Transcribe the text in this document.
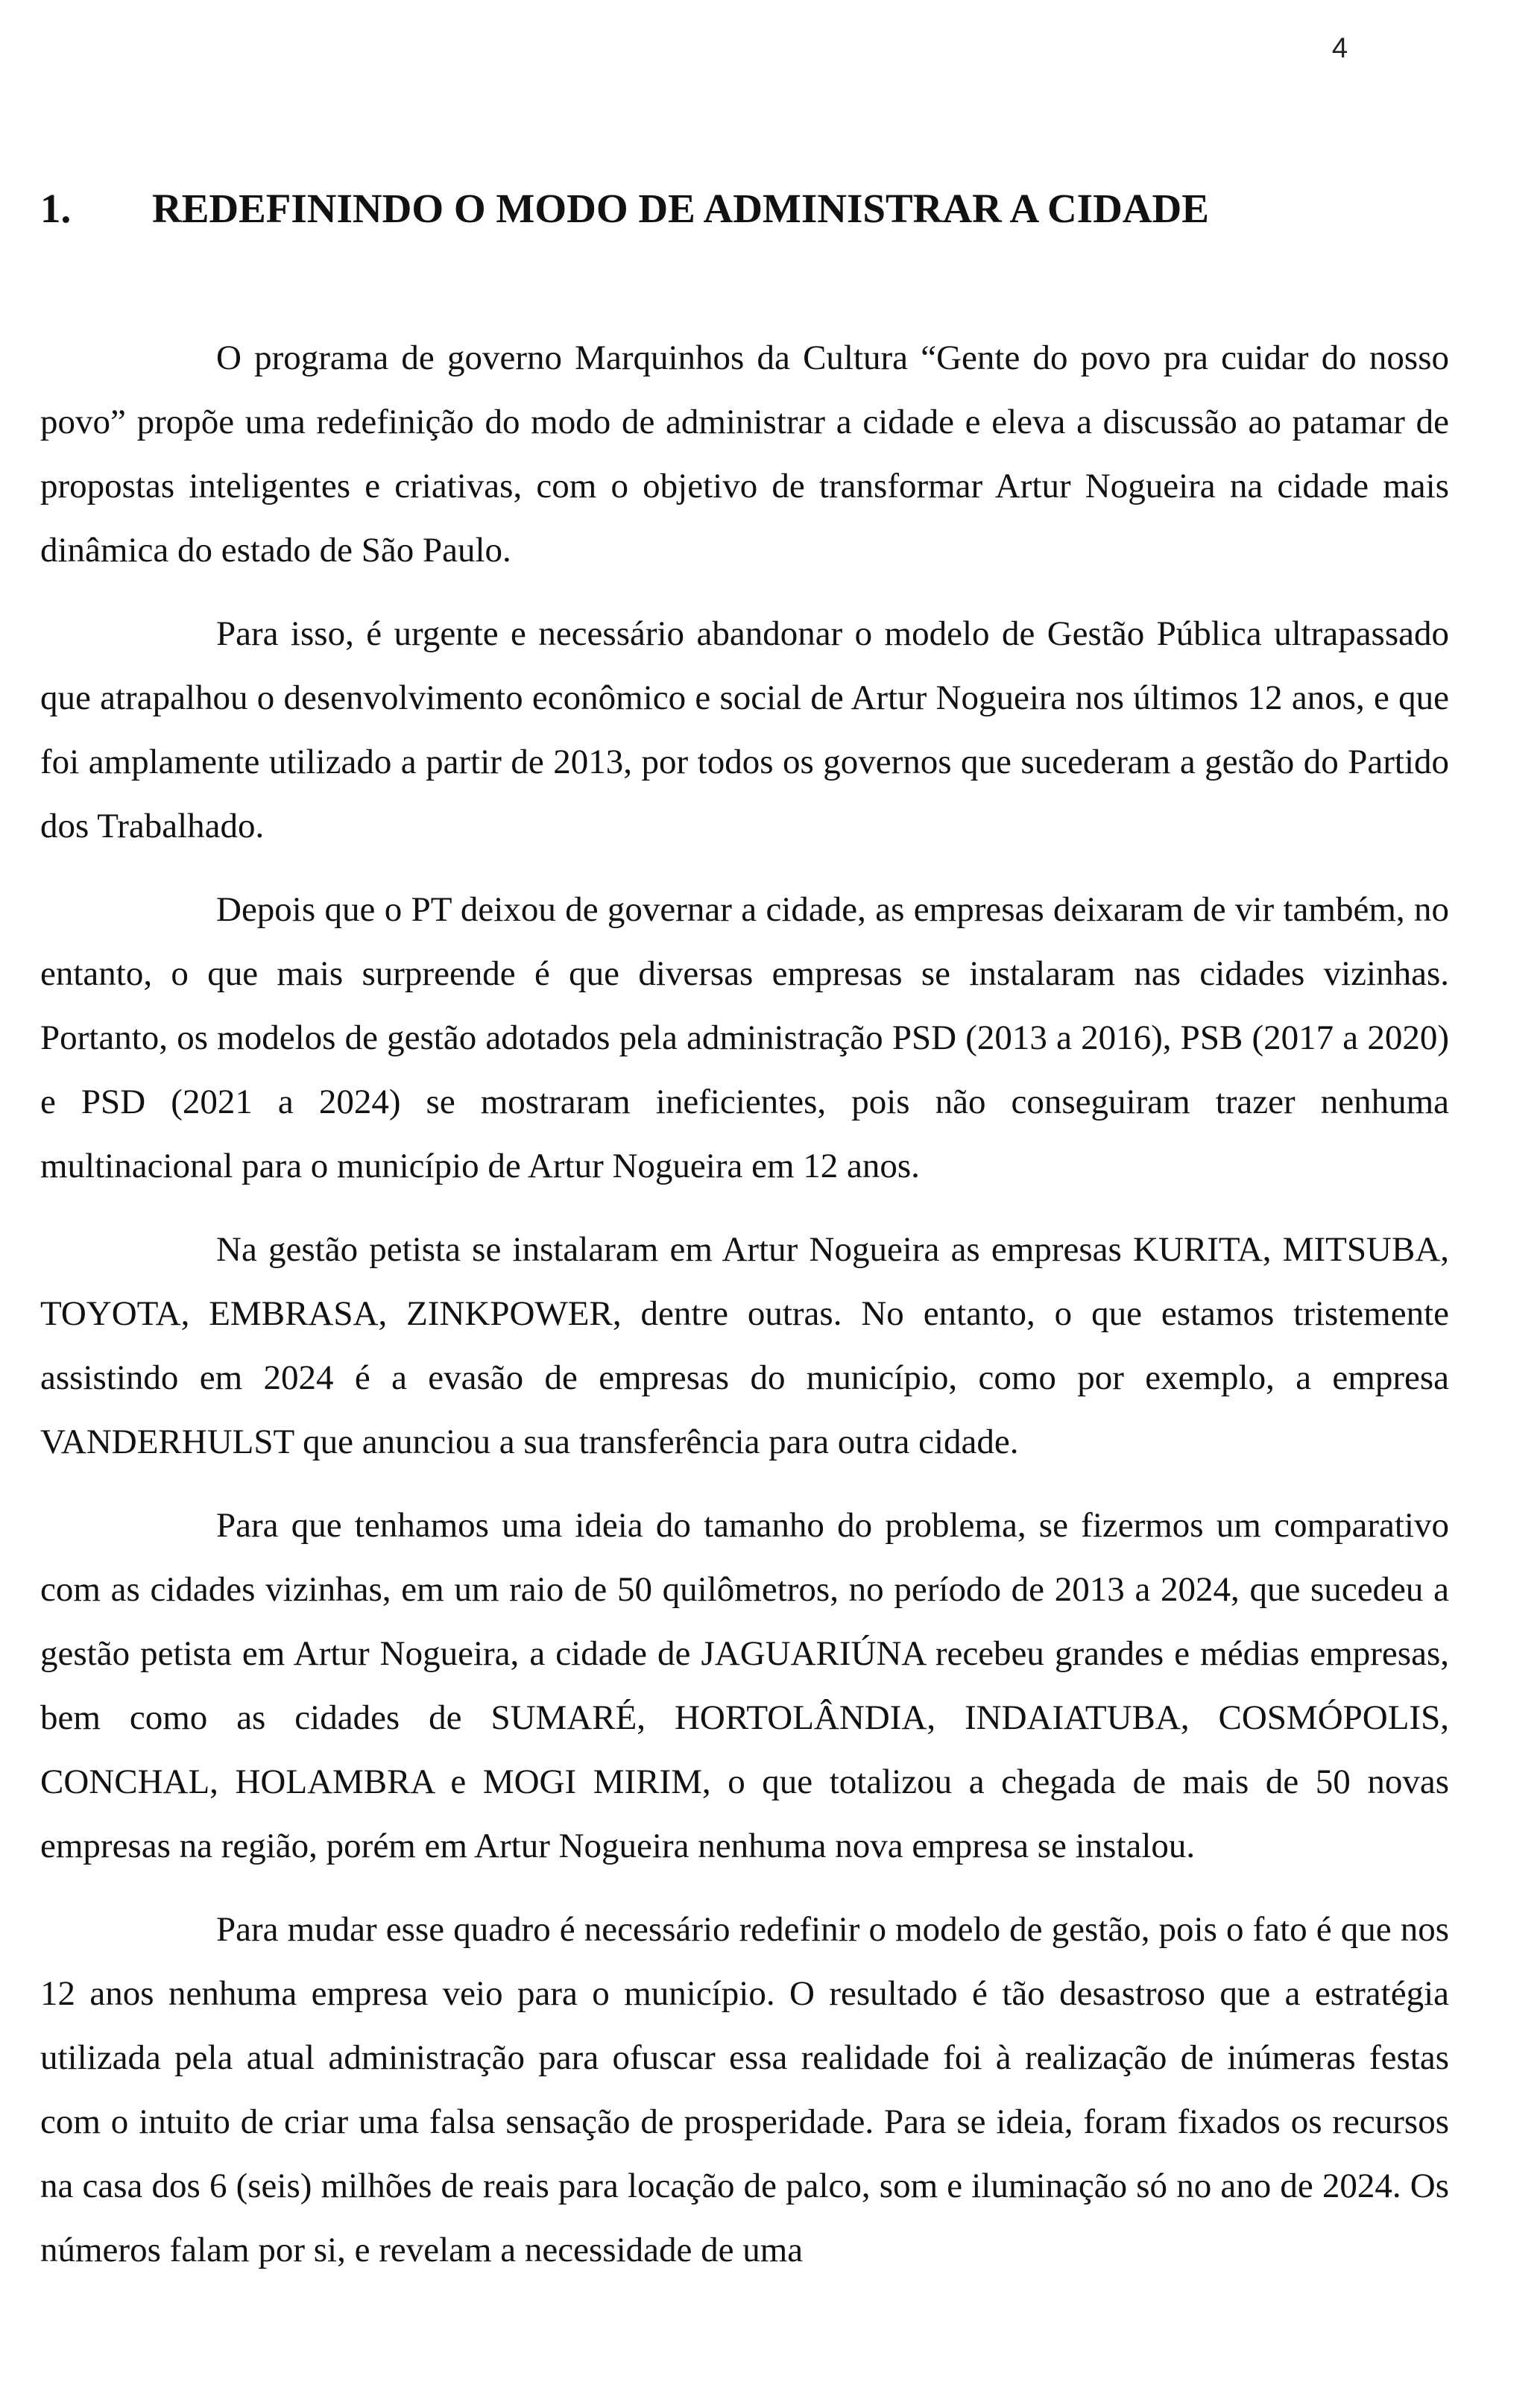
4
1. REDEFININDO O MODO DE ADMINISTRAR A CIDADE

O programa de governo Marquinhos da Cultura “Gente do povo pra cuidar do nosso povo” propõe uma redefinição do modo de administrar a cidade e eleva a discussão ao patamar de propostas inteligentes e criativas, com o objetivo de transformar Artur Nogueira na cidade mais dinâmica do estado de São Paulo.

Para isso, é urgente e necessário abandonar o modelo de Gestão Pública ultrapassado que atrapalhou o desenvolvimento econômico e social de Artur Nogueira nos últimos 12 anos, e que foi amplamente utilizado a partir de 2013, por todos os governos que sucederam a gestão do Partido dos Trabalhado.

Depois que o PT deixou de governar a cidade, as empresas deixaram de vir também, no entanto, o que mais surpreende é que diversas empresas se instalaram nas cidades vizinhas. Portanto, os modelos de gestão adotados pela administração PSD (2013 a 2016), PSB (2017 a 2020) e PSD (2021 a 2024) se mostraram ineficientes, pois não conseguiram trazer nenhuma multinacional para o município de Artur Nogueira em 12 anos.

Na gestão petista se instalaram em Artur Nogueira as empresas KURITA, MITSUBA, TOYOTA, EMBRASA, ZINKPOWER, dentre outras. No entanto, o que estamos tristemente assistindo em 2024 é a evasão de empresas do município, como por exemplo, a empresa VANDERHULST que anunciou a sua transferência para outra cidade.

Para que tenhamos uma ideia do tamanho do problema, se fizermos um comparativo com as cidades vizinhas, em um raio de 50 quilômetros, no período de 2013 a 2024, que sucedeu a gestão petista em Artur Nogueira, a cidade de JAGUARIÚNA recebeu grandes e médias empresas, bem como as cidades de SUMARÉ, HORTOLÂNDIA, INDAIATUBA, COSMÓPOLIS, CONCHAL, HOLAMBRA e MOGI MIRIM, o que totalizou a chegada de mais de 50 novas empresas na região, porém em Artur Nogueira nenhuma nova empresa se instalou.

Para mudar esse quadro é necessário redefinir o modelo de gestão, pois o fato é que nos 12 anos nenhuma empresa veio para o município. O resultado é tão desastroso que a estratégia utilizada pela atual administração para ofuscar essa realidade foi à realização de inúmeras festas com o intuito de criar uma falsa sensação de prosperidade. Para se ideia, foram fixados os recursos na casa dos 6 (seis) milhões de reais para locação de palco, som e iluminação só no ano de 2024. Os números falam por si, e revelam a necessidade de uma
